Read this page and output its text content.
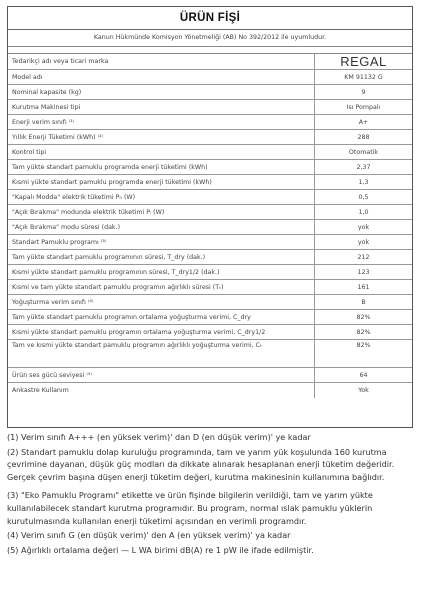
ÜRÜN FİŞİ
Kanun Hükmünde Komisyon Yönetmeliği (AB) No 392/2012 ile uyumludur.
Tedarikçi adı veya ticari marka	REGAL
Model adı	KM 91132 G
Nominal kapasite (kg)	9
Kurutma Makinesi tipi	Isı Pompalı
Enerji verim sınıfı ⁽¹⁾	A+
Yıllık Enerji Tüketimi (kWh) ⁽²⁾	288
Kontrol tipi	Otomatik
Tam yükte standart pamuklu programda enerji tüketimi (kWh)	2,37
Kısmi yükte standart pamuklu programda enerji tüketimi (kWh)	1,3
"Kapalı Modda" elektrik tüketimi P₀ (W)	0,5
"Açık Bırakma" modunda elektrik tüketimi Pₗ (W)	1,0
"Açık Bırakma" modu süresi (dak.)	yok
Standart Pamuklu programı ⁽³⁾	yok
Tam yükte standart pamuklu programının süresi, T_dry (dak.)	212
Kısmi yükte standart pamuklu programının süresi, T_dry1/2 (dak.)	123
Kısmi ve tam yükte standart pamuklu programın ağırlıklı süresi (Tₜ)	161
Yoğuşturma verim sınıfı ⁽⁴⁾	B
Tam yükte standart pamuklu programın ortalama yoğuşturma verimi, C_dry	82%
Kısmi yükte standart pamuklu programın ortalama yoğuşturma verimi, C_dry1/2	82%
Tam ve kısmi yükte standart pamuklu programın ağırlıklı yoğuşturma verimi, Cₜ	82%
Ürün ses gücü seviyesi ⁽⁵⁾	64
Ankastre Kullanım	Yok

(1) Verim sınıfı A+++ (en yüksek verim)' dan D (en düşük verim)' ye kadar

(2) Standart pamuklu dolap kuruluğu programında, tam ve yarım yük koşulunda 160 kurutma çevrimine dayanan, düşük güç modları da dikkate alınarak hesaplanan enerji tüketim değeridir. Gerçek çevrim başına düşen enerji tüketim değeri, kurutma makinesinin kullanımına bağlıdır.

(3) "Eko Pamuklu Programı" etikette ve ürün fişinde bilgilerin verildiği, tam ve yarım yükte kullanılabilecek standart kurutma programıdır. Bu program, normal ıslak pamuklu yüklerin kurutulmasında kullanılan enerji tüketimi açısından en verimli programdır.

(4) Verim sınıfı G (en düşük verim)' den A (en yüksek verim)' ya kadar

(5) Ağırlıklı ortalama değeri — L WA birimi dB(A) re 1 pW ile ifade edilmiştir.
